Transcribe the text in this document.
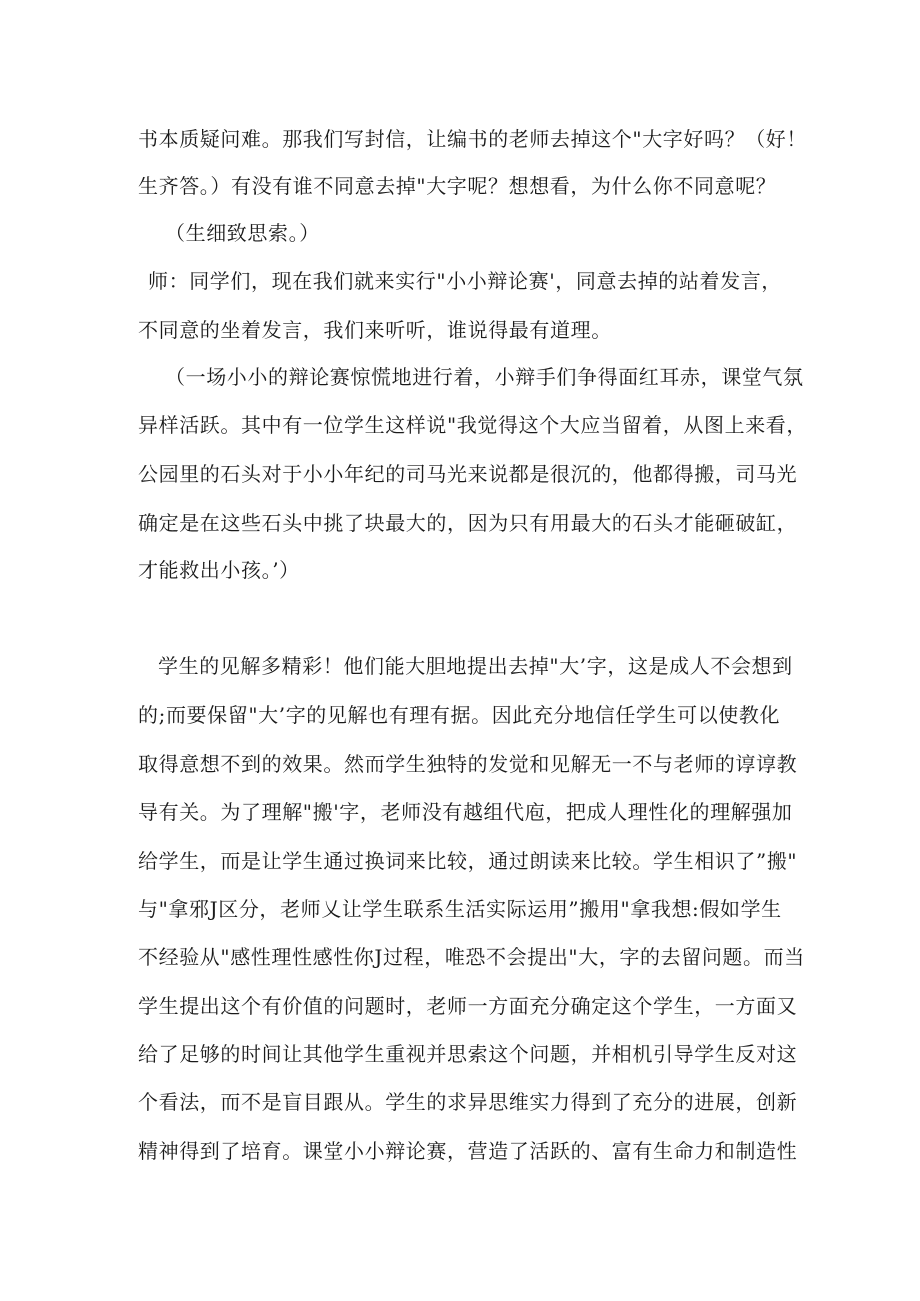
书本质疑问难。那我们写封信，让编书的老师去掉这个"大字好吗？（好！
生齐答。）有没有谁不同意去掉"大字呢？想想看，为什么你不同意呢？
（生细致思索。）
师：同学们，现在我们就来实行"小小辩论赛'，同意去掉的站着发言，
不同意的坐着发言，我们来听听，谁说得最有道理。
（一场小小的辩论赛惊慌地进行着，小辩手们争得面红耳赤，课堂气氛
异样活跃。其中有一位学生这样说"我觉得这个大应当留着，从图上来看，
公园里的石头对于小小年纪的司马光来说都是很沉的，他都得搬，司马光
确定是在这些石头中挑了块最大的，因为只有用最大的石头才能砸破缸，
才能救出小孩。’）
学生的见解多精彩！他们能大胆地提出去掉"大’字，这是成人不会想到
的;而要保留"大’字的见解也有理有据。因此充分地信任学生可以使教化
取得意想不到的效果。然而学生独特的发觉和见解无一不与老师的谆谆教
导有关。为了理解"搬'字，老师没有越组代庖，把成人理性化的理解强加
给学生，而是让学生通过换词来比较，通过朗读来比较。学生相识了”搬"
与"拿邪J区分，老师乂让学生联系生活实际运用”搬用"拿我想:假如学生
不经验从"感性理性感性你J过程，唯恐不会提出"大，字的去留问题。而当
学生提出这个有价值的问题时，老师一方面充分确定这个学生，一方面又
给了足够的时间让其他学生重视并思索这个问题，并相机引导学生反对这
个看法，而不是盲目跟从。学生的求异思维实力得到了充分的进展，创新
精神得到了培育。课堂小小辩论赛，营造了活跃的、富有生命力和制造性
